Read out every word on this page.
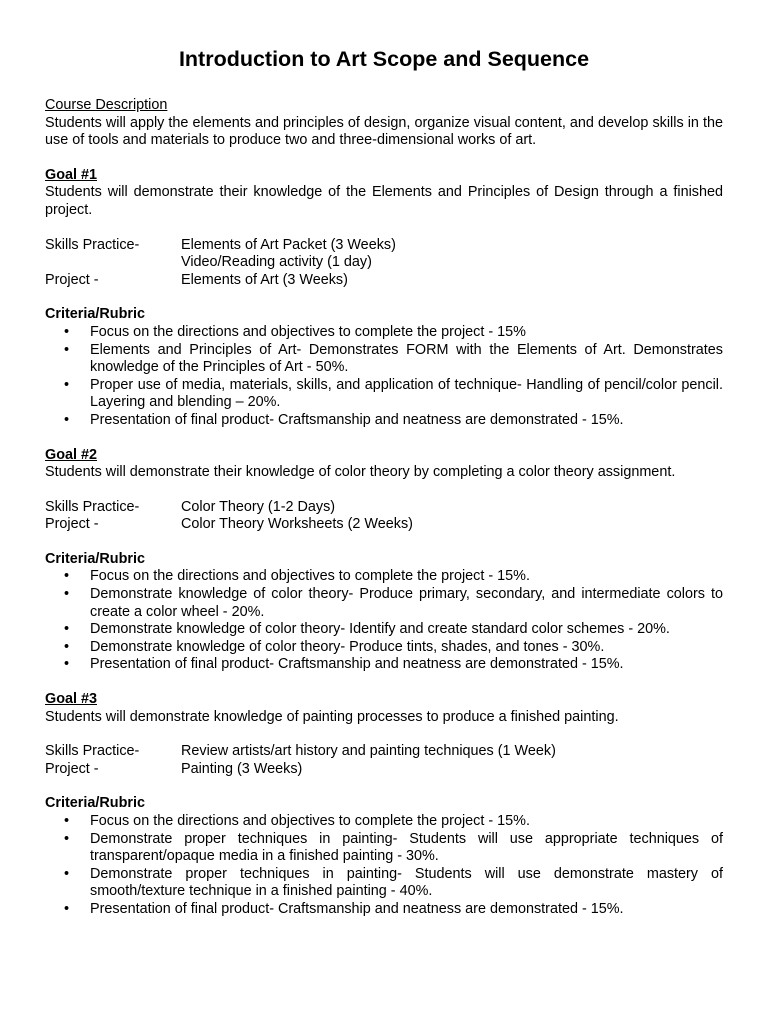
Introduction to Art Scope and Sequence
Course Description
Students will apply the elements and principles of design, organize visual content, and develop skills in the use of tools and materials to produce two and three-dimensional works of art.
Goal #1
Students will demonstrate their knowledge of the Elements and Principles of Design through a finished project.
Skills Practice-	Elements of Art Packet (3 Weeks)
Video/Reading activity (1 day)
Project -	Elements of Art (3 Weeks)
Criteria/Rubric
• Focus on the directions and objectives to complete the project - 15%
• Elements and Principles of Art- Demonstrates FORM with the Elements of Art. Demonstrates knowledge of the Principles of Art - 50%.
• Proper use of media, materials, skills, and application of technique- Handling of pencil/color pencil. Layering and blending – 20%.
• Presentation of final product- Craftsmanship and neatness are demonstrated - 15%.
Goal #2
Students will demonstrate their knowledge of color theory by completing a color theory assignment.
Skills Practice-	Color Theory (1-2 Days)
Project -	Color Theory Worksheets (2 Weeks)
Criteria/Rubric
• Focus on the directions and objectives to complete the project - 15%.
• Demonstrate knowledge of color theory- Produce primary, secondary, and intermediate colors to create a color wheel - 20%.
• Demonstrate knowledge of color theory- Identify and create standard color schemes - 20%.
• Demonstrate knowledge of color theory- Produce tints, shades, and tones - 30%.
• Presentation of final product- Craftsmanship and neatness are demonstrated - 15%.
Goal #3
Students will demonstrate knowledge of painting processes to produce a finished painting.
Skills Practice-	Review artists/art history and painting techniques (1 Week)
Project -	Painting (3 Weeks)
Criteria/Rubric
• Focus on the directions and objectives to complete the project - 15%.
• Demonstrate proper techniques in painting- Students will use appropriate techniques of transparent/opaque media in a finished painting - 30%.
• Demonstrate proper techniques in painting- Students will use demonstrate mastery of smooth/texture technique in a finished painting - 40%.
• Presentation of final product- Craftsmanship and neatness are demonstrated - 15%.
